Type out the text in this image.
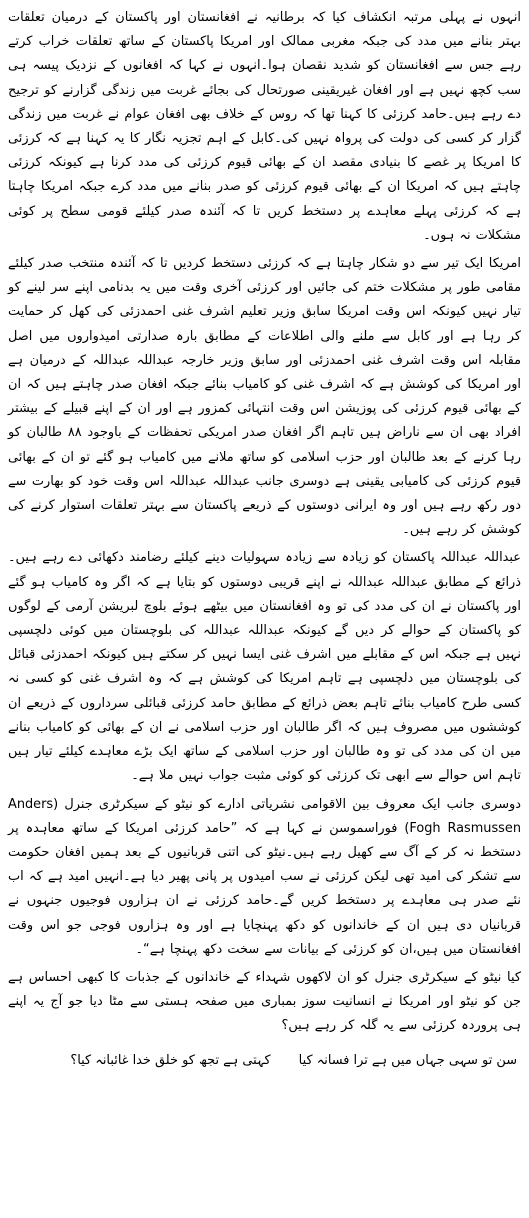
انہوں نے پہلی مرتبہ انکشاف کیا کہ برطانیہ نے افغانستان اور پاکستان کے درمیان تعلقات بہتر بنانے میں مدد کی جبکہ مغربی ممالک اور امریکا پاکستان کے ساتھ تعلقات خراب کرتے رہے جس سے افغانستان کو شدید نقصان ہوا۔انہوں نے کہا کہ افغانوں کے نزدیک پیسہ ہی سب کچھ نہیں ہے اور افغان غیریقینی صورتحال کی بجائے غربت میں زندگی گزارنے کو ترجیح دے رہے ہیں۔حامد کرزئی کا کہنا تھا کہ روس کے خلاف بھی افغان عوام نے غربت میں زندگی گزار کر کسی کی دولت کی پرواہ نہیں کی۔کابل کے اہم تجزیہ نگار کا یہ کہنا ہے کہ کرزئی کا امریکا پر غصے کا بنیادی مقصد ان کے بھائی قیوم کرزئی کی مدد کرنا ہے کیونکہ کرزئی چاہتے ہیں کہ امریکا ان کے بھائی قیوم کرزئی کو صدر بنانے میں مدد کرے جبکہ امریکا چاہتا ہے کہ کرزئی پہلے معاہدے پر دستخط کریں تا کہ آئندہ صدر کیلئے قومی سطح پر کوئی مشکلات نہ ہوں۔

امریکا ایک تیر سے دو شکار چاہتا ہے کہ کرزئی دستخط کردیں تا کہ آئندہ منتخب صدر کیلئے مقامی طور پر مشکلات ختم کی جائیں اور کرزئی آخری وقت میں یہ بدنامی اپنے سر لینے کو تیار نہیں کیونکہ اس وقت امریکا سابق وزیر تعلیم اشرف غنی احمدزئی کی کھل کر حمایت کر رہا ہے اور کابل سے ملنے والی اطلاعات کے مطابق بارہ صدارتی امیدواروں میں اصل مقابلہ اس وقت اشرف غنی احمدزئی اور سابق وزیر خارجہ عبداللہ عبداللہ کے درمیان ہے اور امریکا کی کوشش ہے کہ اشرف غنی کو کامیاب بنائے جبکہ افغان صدر چاہتے ہیں کہ ان کے بھائی قیوم کرزئی کی پوزیشن اس وقت انتہائی کمزور ہے اور ان کے اپنے قبیلے کے بیشتر افراد بھی ان سے ناراض ہیں تاہم اگر افغان صدر امریکی تحفظات کے باوجود ۸۸ طالبان کو رہا کرنے کے بعد طالبان اور حزب اسلامی کو ساتھ ملانے میں کامیاب ہو گئے تو ان کے بھائی قیوم کرزئی کی کامیابی یقینی ہے دوسری جانب عبداللہ عبداللہ اس وقت خود کو بھارت سے دور رکھ رہے ہیں اور وہ ایرانی دوستوں کے ذریعے پاکستان سے بہتر تعلقات استوار کرنے کی کوشش کر رہے ہیں۔

عبداللہ عبداللہ پاکستان کو زیادہ سے زیادہ سہولیات دینے کیلئے رضامند دکھائی دے رہے ہیں۔ذرائع کے مطابق عبداللہ عبداللہ نے اپنے قریبی دوستوں کو بتایا ہے کہ اگر وہ کامیاب ہو گئے اور پاکستان نے ان کی مدد کی تو وہ افغانستان میں بیٹھے ہوئے بلوچ لبریشن آرمی کے لوگوں کو پاکستان کے حوالے کر دیں گے کیونکہ عبداللہ عبداللہ کی بلوچستان میں کوئی دلچسپی نہیں ہے جبکہ اس کے مقابلے میں اشرف غنی ایسا نہیں کر سکتے ہیں کیونکہ احمدزئی قبائل کی بلوچستان میں دلچسپی ہے تاہم امریکا کی کوشش ہے کہ وہ اشرف غنی کو کسی نہ کسی طرح کامیاب بنائے تاہم بعض ذرائع کے مطابق حامد کرزئی قبائلی سرداروں کے ذریعے ان کوششوں میں مصروف ہیں کہ اگر طالبان اور حزب اسلامی نے ان کے بھائی کو کامیاب بنانے میں ان کی مدد کی تو وہ طالبان اور حزب اسلامی کے ساتھ ایک بڑے معاہدے کیلئے تیار ہیں تاہم اس حوالے سے ابھی تک کرزئی کو کوئی مثبت جواب نہیں ملا ہے۔

دوسری جانب ایک معروف بین الاقوامی نشریاتی ادارے کو نیٹو کے سیکرٹری جنرل (Anders Fogh Rasmussen) فوراسموسن نے کہا ہے کہ ”حامد کرزئی امریکا کے ساتھ معاہدہ پر دستخط نہ کر کے آگ سے کھیل رہے ہیں۔نیٹو کی اتنی قربانیوں کے بعد ہمیں افغان حکومت سے تشکر کی امید تھی لیکن کرزئی نے سب امیدوں پر پانی پھیر دیا ہے۔انہیں امید ہے کہ اب نئے صدر ہی معاہدے پر دستخط کریں گے۔حامد کرزئی نے ان ہزاروں فوجیوں جنہوں نے قربانیاں دی ہیں ان کے خاندانوں کو دکھ پہنچایا ہے اور وہ ہزاروں فوجی جو اس وقت افغانستان میں ہیں،ان کو کرزئی کے بیانات سے سخت دکھ پہنچا ہے“۔

کیا نیٹو کے سیکرٹری جنرل کو ان لاکھوں شہداء کے خاندانوں کے جذبات کا کبھی احساس ہے جن کو نیٹو اور امریکا نے انسانیت سوز بمباری میں صفحہ ہستی سے مٹا دیا جو آج یہ اپنے ہی پروردہ کرزئی سے یہ گلہ کر رہے ہیں؟

سن تو سہی جہاں میں ہے ترا فسانہ کیا
کہتی ہے تجھ کو خلق خدا غائبانہ کیا؟
